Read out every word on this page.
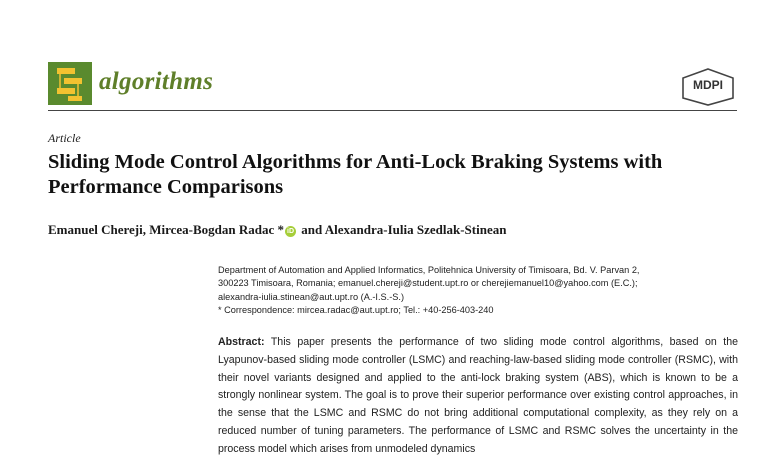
algorithms	MDPI
Article
Sliding Mode Control Algorithms for Anti-Lock Braking Systems with Performance Comparisons
Emanuel Chereji, Mircea-Bogdan Radac * iD and Alexandra-Iulia Szedlak-Stinean

Department of Automation and Applied Informatics, Politehnica University of Timisoara, Bd. V. Parvan 2,

300223 Timisoara, Romania; emanuel.chereji@student.upt.ro or cherejiemanuel10@yahoo.com (E.C.);

alexandra-iulia.stinean@aut.upt.ro (A.-I.S.-S.)

* Correspondence: mircea.radac@aut.upt.ro; Tel.: +40-256-403-240

Abstract: This paper presents the performance of two sliding mode control algorithms, based on the Lyapunov-based sliding mode controller (LSMC) and reaching-law-based sliding mode controller (RSMC), with their novel variants designed and applied to the anti-lock braking system (ABS), which is known to be a strongly nonlinear system. The goal is to prove their superior performance over existing control approaches, in the sense that the LSMC and RSMC do not bring additional computational complexity, as they rely on a reduced number of tuning parameters. The performance of LSMC and RSMC solves the uncertainty in the process model which arises from unmodeled dynamics
